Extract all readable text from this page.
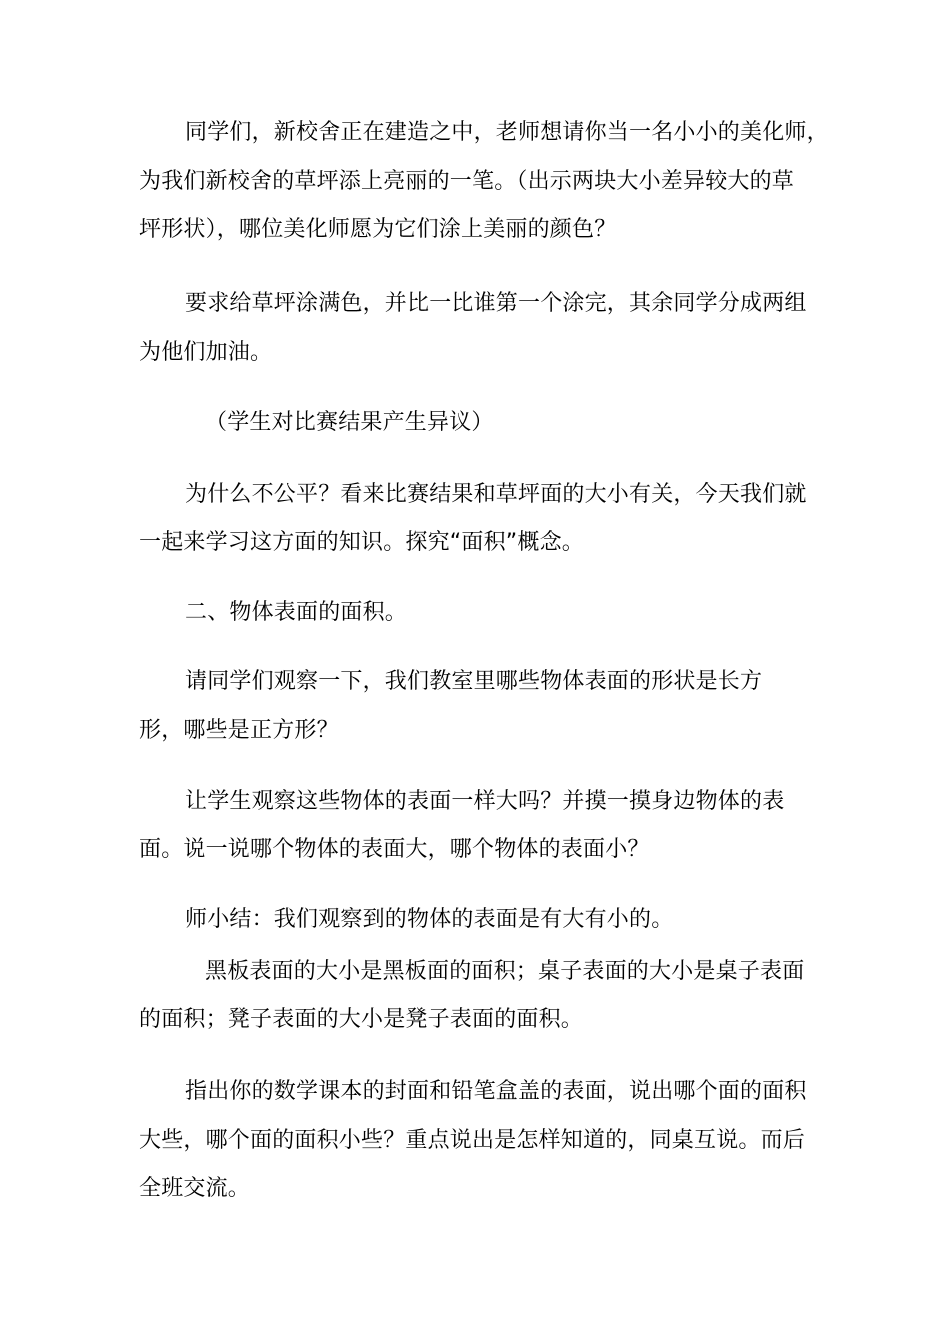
同学们，新校舍正在建造之中，老师想请你当一名小小的美化师，
为我们新校舍的草坪添上亮丽的一笔。（出示两块大小差异较大的草
坪形状），哪位美化师愿为它们涂上美丽的颜色？
要求给草坪涂满色，并比一比谁第一个涂完，其余同学分成两组
为他们加油。
（学生对比赛结果产生异议）
为什么不公平？看来比赛结果和草坪面的大小有关，今天我们就
一起来学习这方面的知识。探究“面积”概念。
二、物体表面的面积。
请同学们观察一下，我们教室里哪些物体表面的形状是长方
形，哪些是正方形？
让学生观察这些物体的表面一样大吗？并摸一摸身边物体的表
面。说一说哪个物体的表面大，哪个物体的表面小？
师小结：我们观察到的物体的表面是有大有小的。
黑板表面的大小是黑板面的面积；桌子表面的大小是桌子表面
的面积；凳子表面的大小是凳子表面的面积。
指出你的数学课本的封面和铅笔盒盖的表面，说出哪个面的面积
大些，哪个面的面积小些？重点说出是怎样知道的，同桌互说。而后
全班交流。
